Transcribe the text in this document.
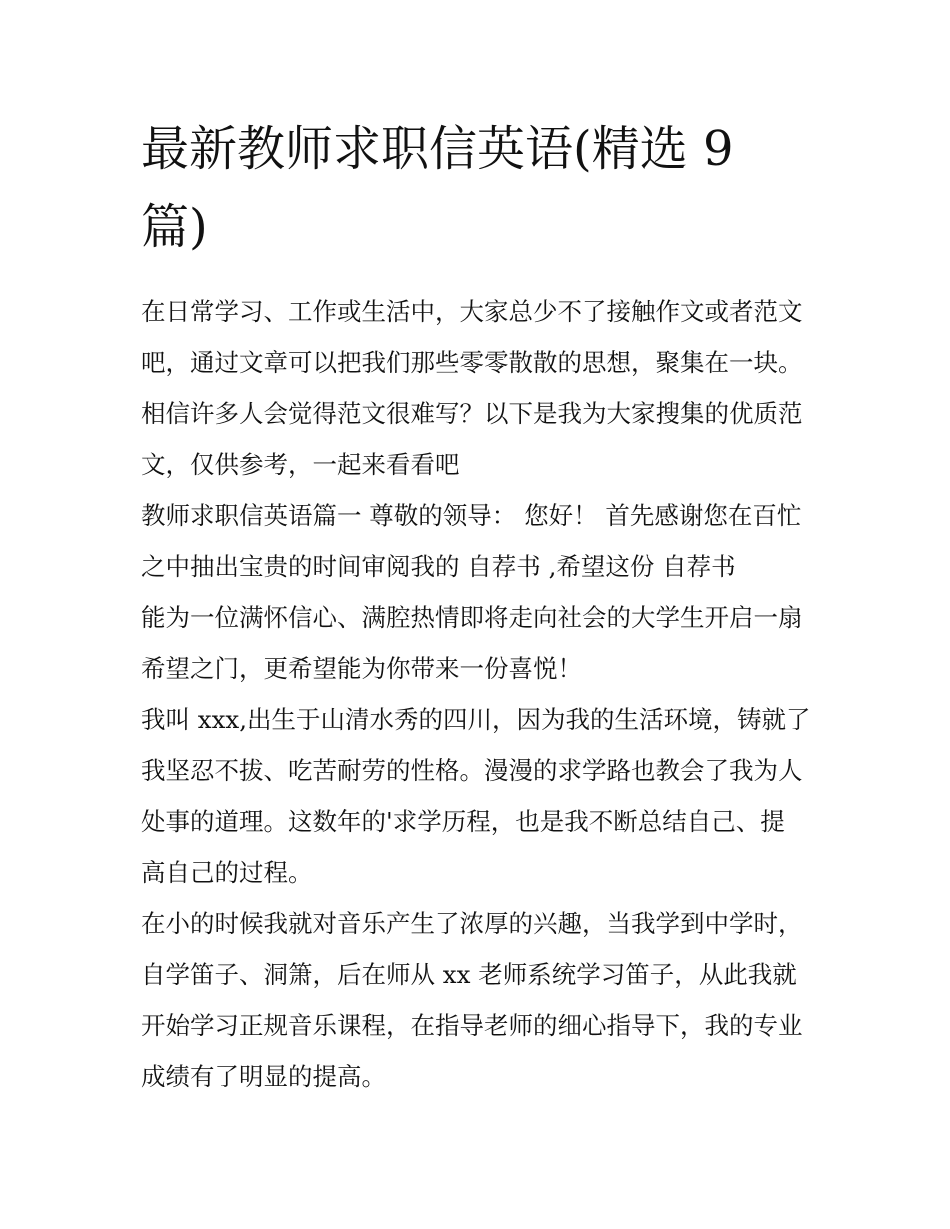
最新教师求职信英语(精选 9
篇)
在日常学习、工作或生活中，大家总少不了接触作文或者范文
吧，通过文章可以把我们那些零零散散的思想，聚集在一块。
相信许多人会觉得范文很难写？以下是我为大家搜集的优质范
文，仅供参考，一起来看看吧
教师求职信英语篇一 尊敬的领导： 您好！ 首先感谢您在百忙
之中抽出宝贵的时间审阅我的 自荐书 ,希望这份 自荐书
能为一位满怀信心、满腔热情即将走向社会的大学生开启一扇
希望之门，更希望能为你带来一份喜悦！
我叫 xxx,出生于山清水秀的四川，因为我的生活环境，铸就了
我坚忍不拔、吃苦耐劳的性格。漫漫的求学路也教会了我为人
处事的道理。这数年的'求学历程，也是我不断总结自己、提
高自己的过程。
在小的时候我就对音乐产生了浓厚的兴趣，当我学到中学时，
自学笛子、洞箫，后在师从 xx 老师系统学习笛子，从此我就
开始学习正规音乐课程，在指导老师的细心指导下，我的专业
成绩有了明显的提高。
